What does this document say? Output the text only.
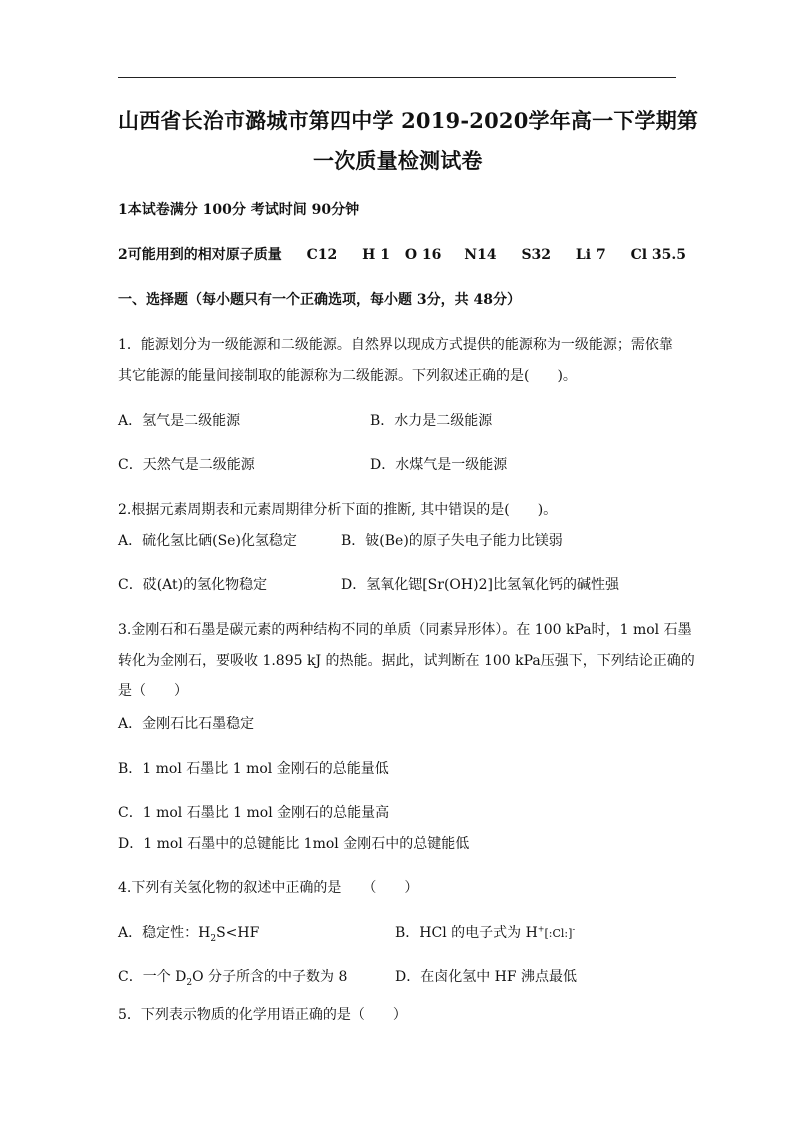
山西省长治市潞城市第四中学 2019-2020学年高一下学期第
一次质量检测试卷
1本试卷满分 100分 考试时间 90分钟
2可能用到的相对原子质量 C12 H 1 O 16 N14 S32 Li 7 Cl 35.5
一、选择题（每小题只有一个正确选项，每小题 3分，共 48分）
1．能源划分为一级能源和二级能源。自然界以现成方式提供的能源称为一级能源；需依靠
其它能源的能量间接制取的能源称为二级能源。下列叙述正确的是(　　)。
A．氢气是二级能源	B．水力是二级能源
C．天然气是二级能源	D．水煤气是一级能源
2.根据元素周期表和元素周期律分析下面的推断, 其中错误的是(　　)。
A．硫化氢比硒(Se)化氢稳定	B．铍(Be)的原子失电子能力比镁弱
C．砹(At)的氢化物稳定	D．氢氧化锶[Sr(OH)2]比氢氧化钙的碱性强
3.金刚石和石墨是碳元素的两种结构不同的单质（同素异形体）。在 100 kPa时，1 mol 石墨
转化为金刚石，要吸收 1.895 kJ 的热能。据此，试判断在 100 kPa压强下，下列结论正确的
是（　　）
A．金刚石比石墨稳定
B．1 mol 石墨比 1 mol 金刚石的总能量低
C．1 mol 石墨比 1 mol 金刚石的总能量高
D．1 mol 石墨中的总键能比 1mol 金刚石中的总键能低
4.下列有关氢化物的叙述中正确的是　　（　　）
A．稳定性：$H_2S<HF$	B．HCl 的电子式为 H+[:Cl:]-
C．一个 $D_2O$ 分子所含的中子数为 8	D．在卤化氢中 HF 沸点最低
5．下列表示物质的化学用语正确的是（　　）
